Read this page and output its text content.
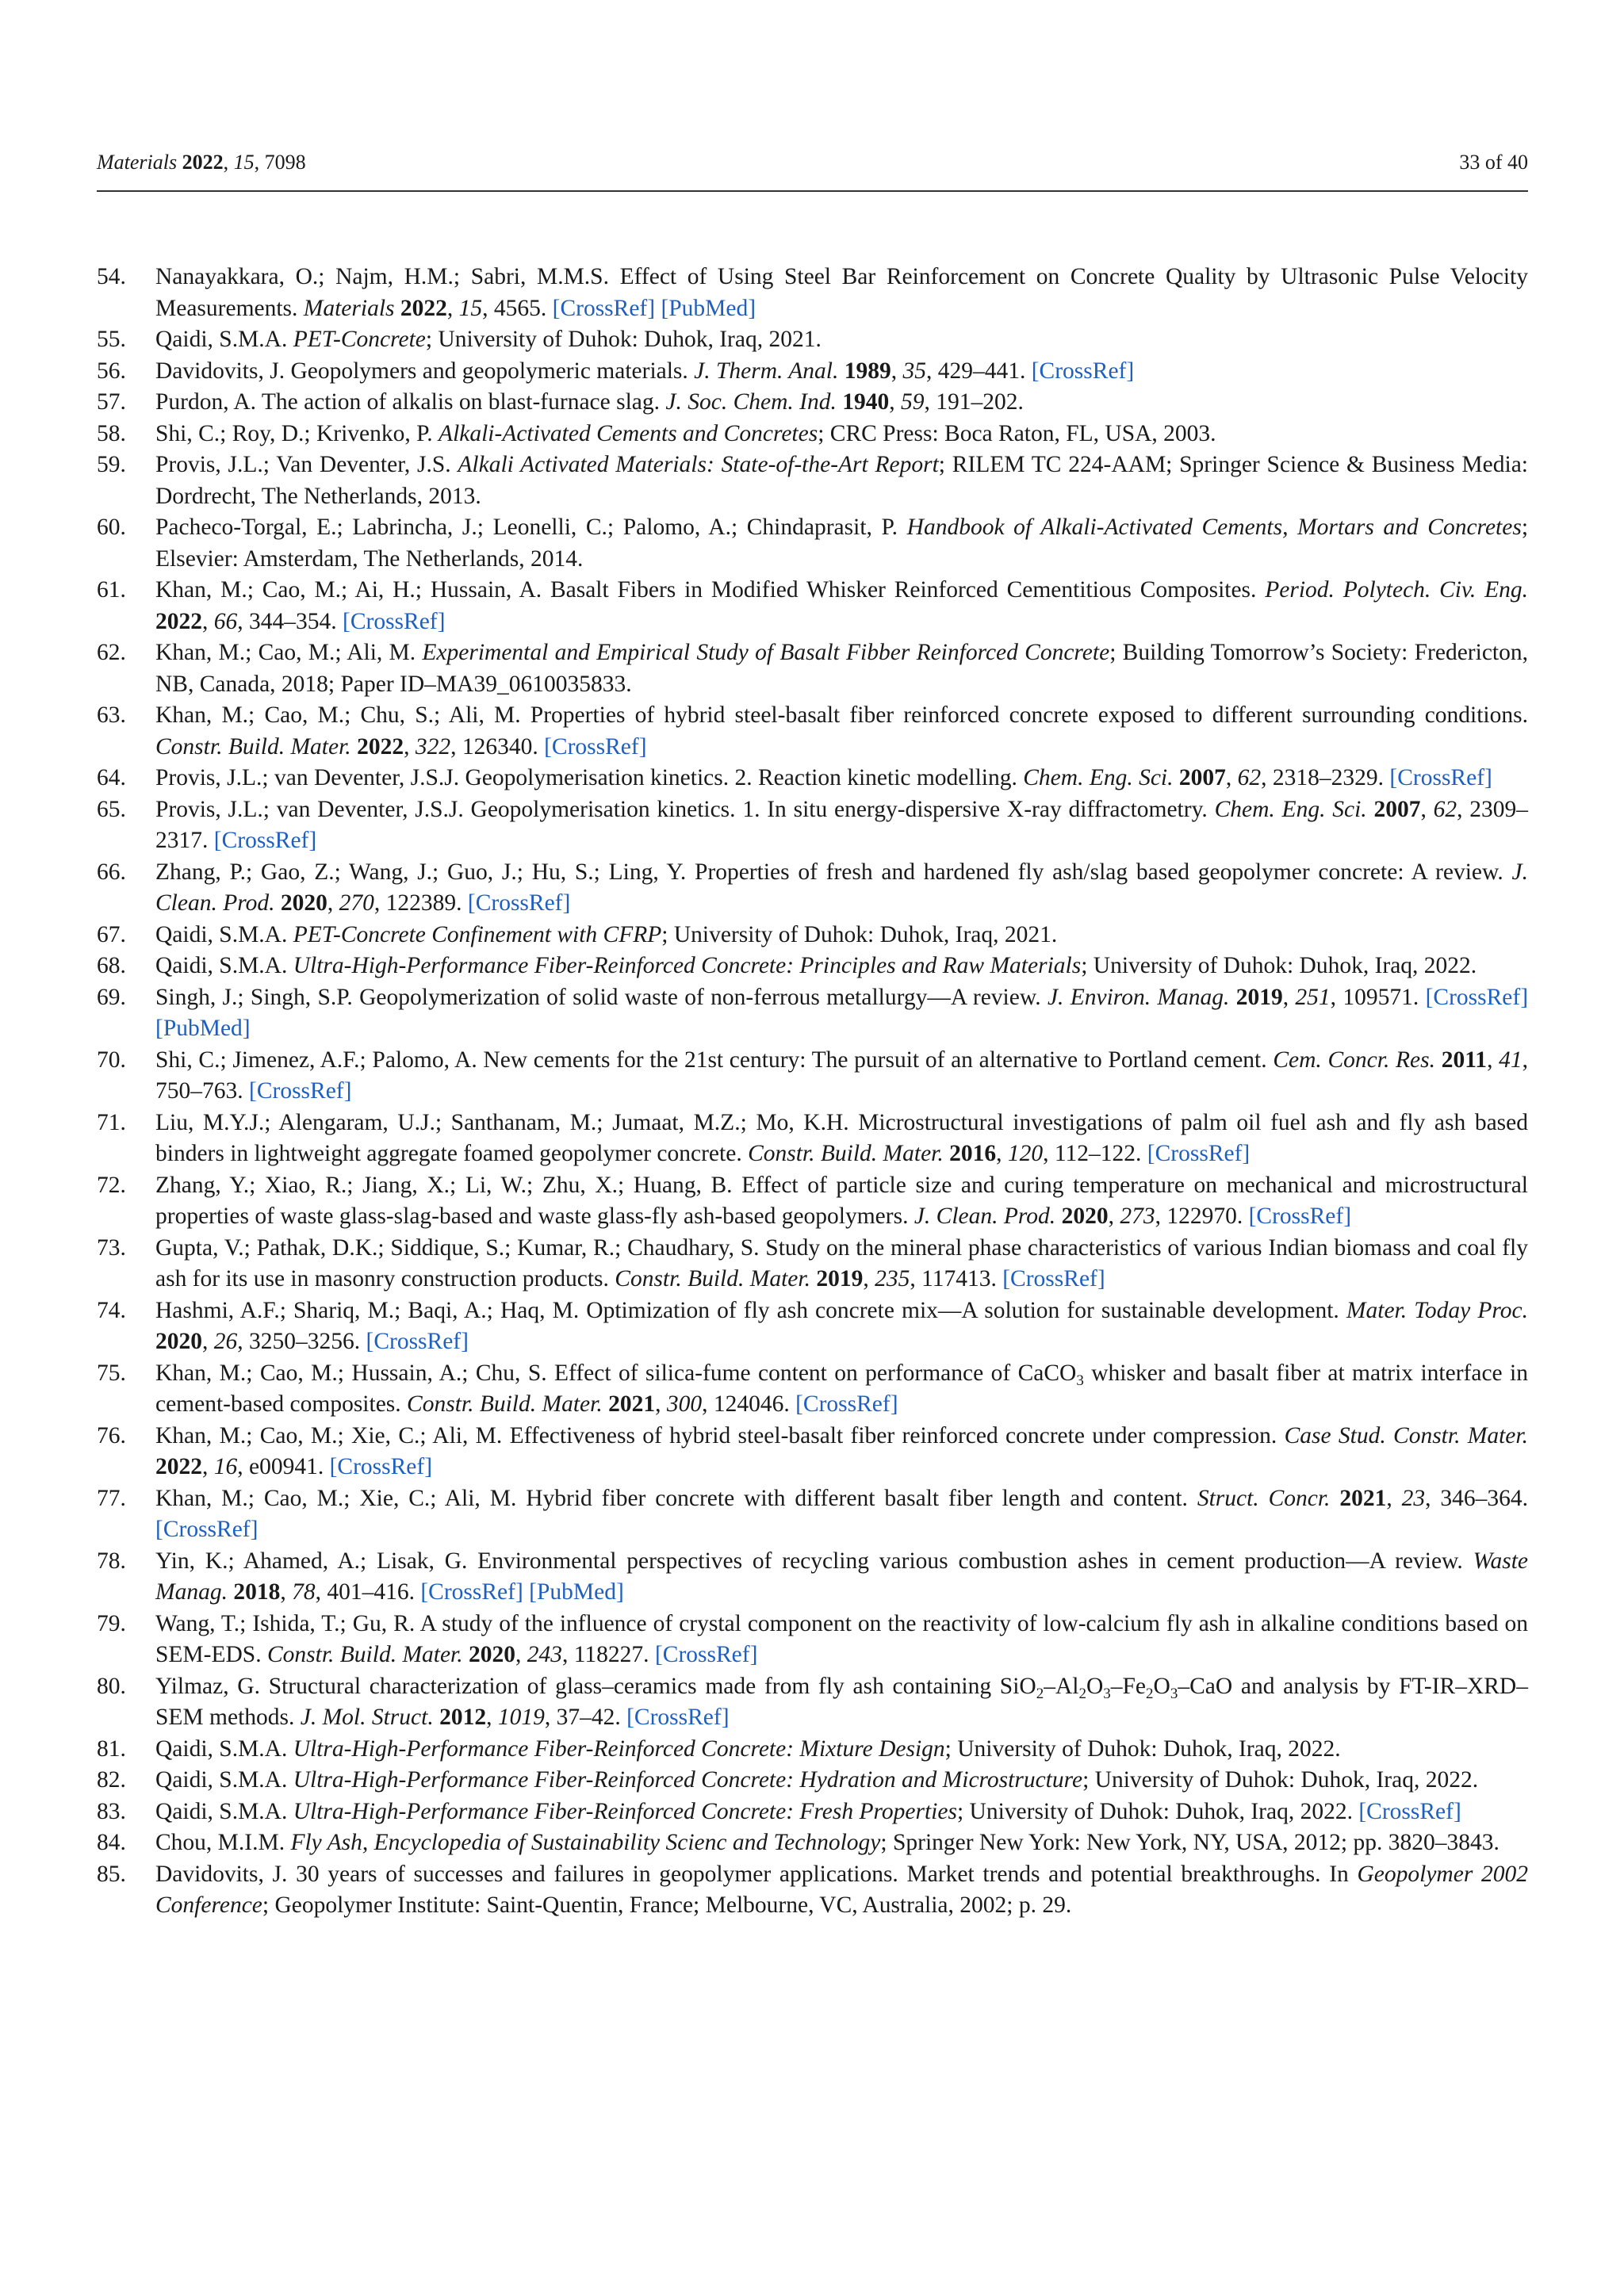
Materials 2022, 15, 7098	33 of 40
54.	Nanayakkara, O.; Najm, H.M.; Sabri, M.M.S. Effect of Using Steel Bar Reinforcement on Concrete Quality by Ultrasonic Pulse Velocity Measurements. Materials 2022, 15, 4565. [CrossRef] [PubMed]
55.	Qaidi, S.M.A. PET-Concrete; University of Duhok: Duhok, Iraq, 2021.
56.	Davidovits, J. Geopolymers and geopolymeric materials. J. Therm. Anal. 1989, 35, 429–441. [CrossRef]
57.	Purdon, A. The action of alkalis on blast-furnace slag. J. Soc. Chem. Ind. 1940, 59, 191–202.
58.	Shi, C.; Roy, D.; Krivenko, P. Alkali-Activated Cements and Concretes; CRC Press: Boca Raton, FL, USA, 2003.
59.	Provis, J.L.; Van Deventer, J.S. Alkali Activated Materials: State-of-the-Art Report; RILEM TC 224-AAM; Springer Science & Business Media: Dordrecht, The Netherlands, 2013.
60.	Pacheco-Torgal, E.; Labrincha, J.; Leonelli, C.; Palomo, A.; Chindaprasit, P. Handbook of Alkali-Activated Cements, Mortars and Concretes; Elsevier: Amsterdam, The Netherlands, 2014.
61.	Khan, M.; Cao, M.; Ai, H.; Hussain, A. Basalt Fibers in Modified Whisker Reinforced Cementitious Composites. Period. Polytech. Civ. Eng. 2022, 66, 344–354. [CrossRef]
62.	Khan, M.; Cao, M.; Ali, M. Experimental and Empirical Study of Basalt Fibber Reinforced Concrete; Building Tomorrow’s Society: Fredericton, NB, Canada, 2018; Paper ID–MA39_0610035833.
63.	Khan, M.; Cao, M.; Chu, S.; Ali, M. Properties of hybrid steel-basalt fiber reinforced concrete exposed to different surrounding conditions. Constr. Build. Mater. 2022, 322, 126340. [CrossRef]
64.	Provis, J.L.; van Deventer, J.S.J. Geopolymerisation kinetics. 2. Reaction kinetic modelling. Chem. Eng. Sci. 2007, 62, 2318–2329. [CrossRef]
65.	Provis, J.L.; van Deventer, J.S.J. Geopolymerisation kinetics. 1. In situ energy-dispersive X-ray diffractometry. Chem. Eng. Sci. 2007, 62, 2309–2317. [CrossRef]
66.	Zhang, P.; Gao, Z.; Wang, J.; Guo, J.; Hu, S.; Ling, Y. Properties of fresh and hardened fly ash/slag based geopolymer concrete: A review. J. Clean. Prod. 2020, 270, 122389. [CrossRef]
67.	Qaidi, S.M.A. PET-Concrete Confinement with CFRP; University of Duhok: Duhok, Iraq, 2021.
68.	Qaidi, S.M.A. Ultra-High-Performance Fiber-Reinforced Concrete: Principles and Raw Materials; University of Duhok: Duhok, Iraq, 2022.
69.	Singh, J.; Singh, S.P. Geopolymerization of solid waste of non-ferrous metallurgy—A review. J. Environ. Manag. 2019, 251, 109571. [CrossRef] [PubMed]
70.	Shi, C.; Jimenez, A.F.; Palomo, A. New cements for the 21st century: The pursuit of an alternative to Portland cement. Cem. Concr. Res. 2011, 41, 750–763. [CrossRef]
71.	Liu, M.Y.J.; Alengaram, U.J.; Santhanam, M.; Jumaat, M.Z.; Mo, K.H. Microstructural investigations of palm oil fuel ash and fly ash based binders in lightweight aggregate foamed geopolymer concrete. Constr. Build. Mater. 2016, 120, 112–122. [CrossRef]
72.	Zhang, Y.; Xiao, R.; Jiang, X.; Li, W.; Zhu, X.; Huang, B. Effect of particle size and curing temperature on mechanical and microstructural properties of waste glass-slag-based and waste glass-fly ash-based geopolymers. J. Clean. Prod. 2020, 273, 122970. [CrossRef]
73.	Gupta, V.; Pathak, D.K.; Siddique, S.; Kumar, R.; Chaudhary, S. Study on the mineral phase characteristics of various Indian biomass and coal fly ash for its use in masonry construction products. Constr. Build. Mater. 2019, 235, 117413. [CrossRef]
74.	Hashmi, A.F.; Shariq, M.; Baqi, A.; Haq, M. Optimization of fly ash concrete mix—A solution for sustainable development. Mater. Today Proc. 2020, 26, 3250–3256. [CrossRef]
75.	Khan, M.; Cao, M.; Hussain, A.; Chu, S. Effect of silica-fume content on performance of CaCO$_3$ whisker and basalt fiber at matrix interface in cement-based composites. Constr. Build. Mater. 2021, 300, 124046. [CrossRef]
76.	Khan, M.; Cao, M.; Xie, C.; Ali, M. Effectiveness of hybrid steel-basalt fiber reinforced concrete under compression. Case Stud. Constr. Mater. 2022, 16, e00941. [CrossRef]
77.	Khan, M.; Cao, M.; Xie, C.; Ali, M. Hybrid fiber concrete with different basalt fiber length and content. Struct. Concr. 2021, 23, 346–364. [CrossRef]
78.	Yin, K.; Ahamed, A.; Lisak, G. Environmental perspectives of recycling various combustion ashes in cement production—A review. Waste Manag. 2018, 78, 401–416. [CrossRef] [PubMed]
79.	Wang, T.; Ishida, T.; Gu, R. A study of the influence of crystal component on the reactivity of low-calcium fly ash in alkaline conditions based on SEM-EDS. Constr. Build. Mater. 2020, 243, 118227. [CrossRef]
80.	Yilmaz, G. Structural characterization of glass–ceramics made from fly ash containing $SiO_2-Al_2O_3-Fe_2O_3$–CaO and analysis by FT-IR–XRD–SEM methods. J. Mol. Struct. 2012, 1019, 37–42. [CrossRef]
81.	Qaidi, S.M.A. Ultra-High-Performance Fiber-Reinforced Concrete: Mixture Design; University of Duhok: Duhok, Iraq, 2022.
82.	Qaidi, S.M.A. Ultra-High-Performance Fiber-Reinforced Concrete: Hydration and Microstructure; University of Duhok: Duhok, Iraq, 2022.
83.	Qaidi, S.M.A. Ultra-High-Performance Fiber-Reinforced Concrete: Fresh Properties; University of Duhok: Duhok, Iraq, 2022. [CrossRef]
84.	Chou, M.I.M. Fly Ash, Encyclopedia of Sustainability Scienc and Technology; Springer New York: New York, NY, USA, 2012; pp. 3820–3843.
85.	Davidovits, J. 30 years of successes and failures in geopolymer applications. Market trends and potential breakthroughs. In Geopolymer 2002 Conference; Geopolymer Institute: Saint-Quentin, France; Melbourne, VC, Australia, 2002; p. 29.
